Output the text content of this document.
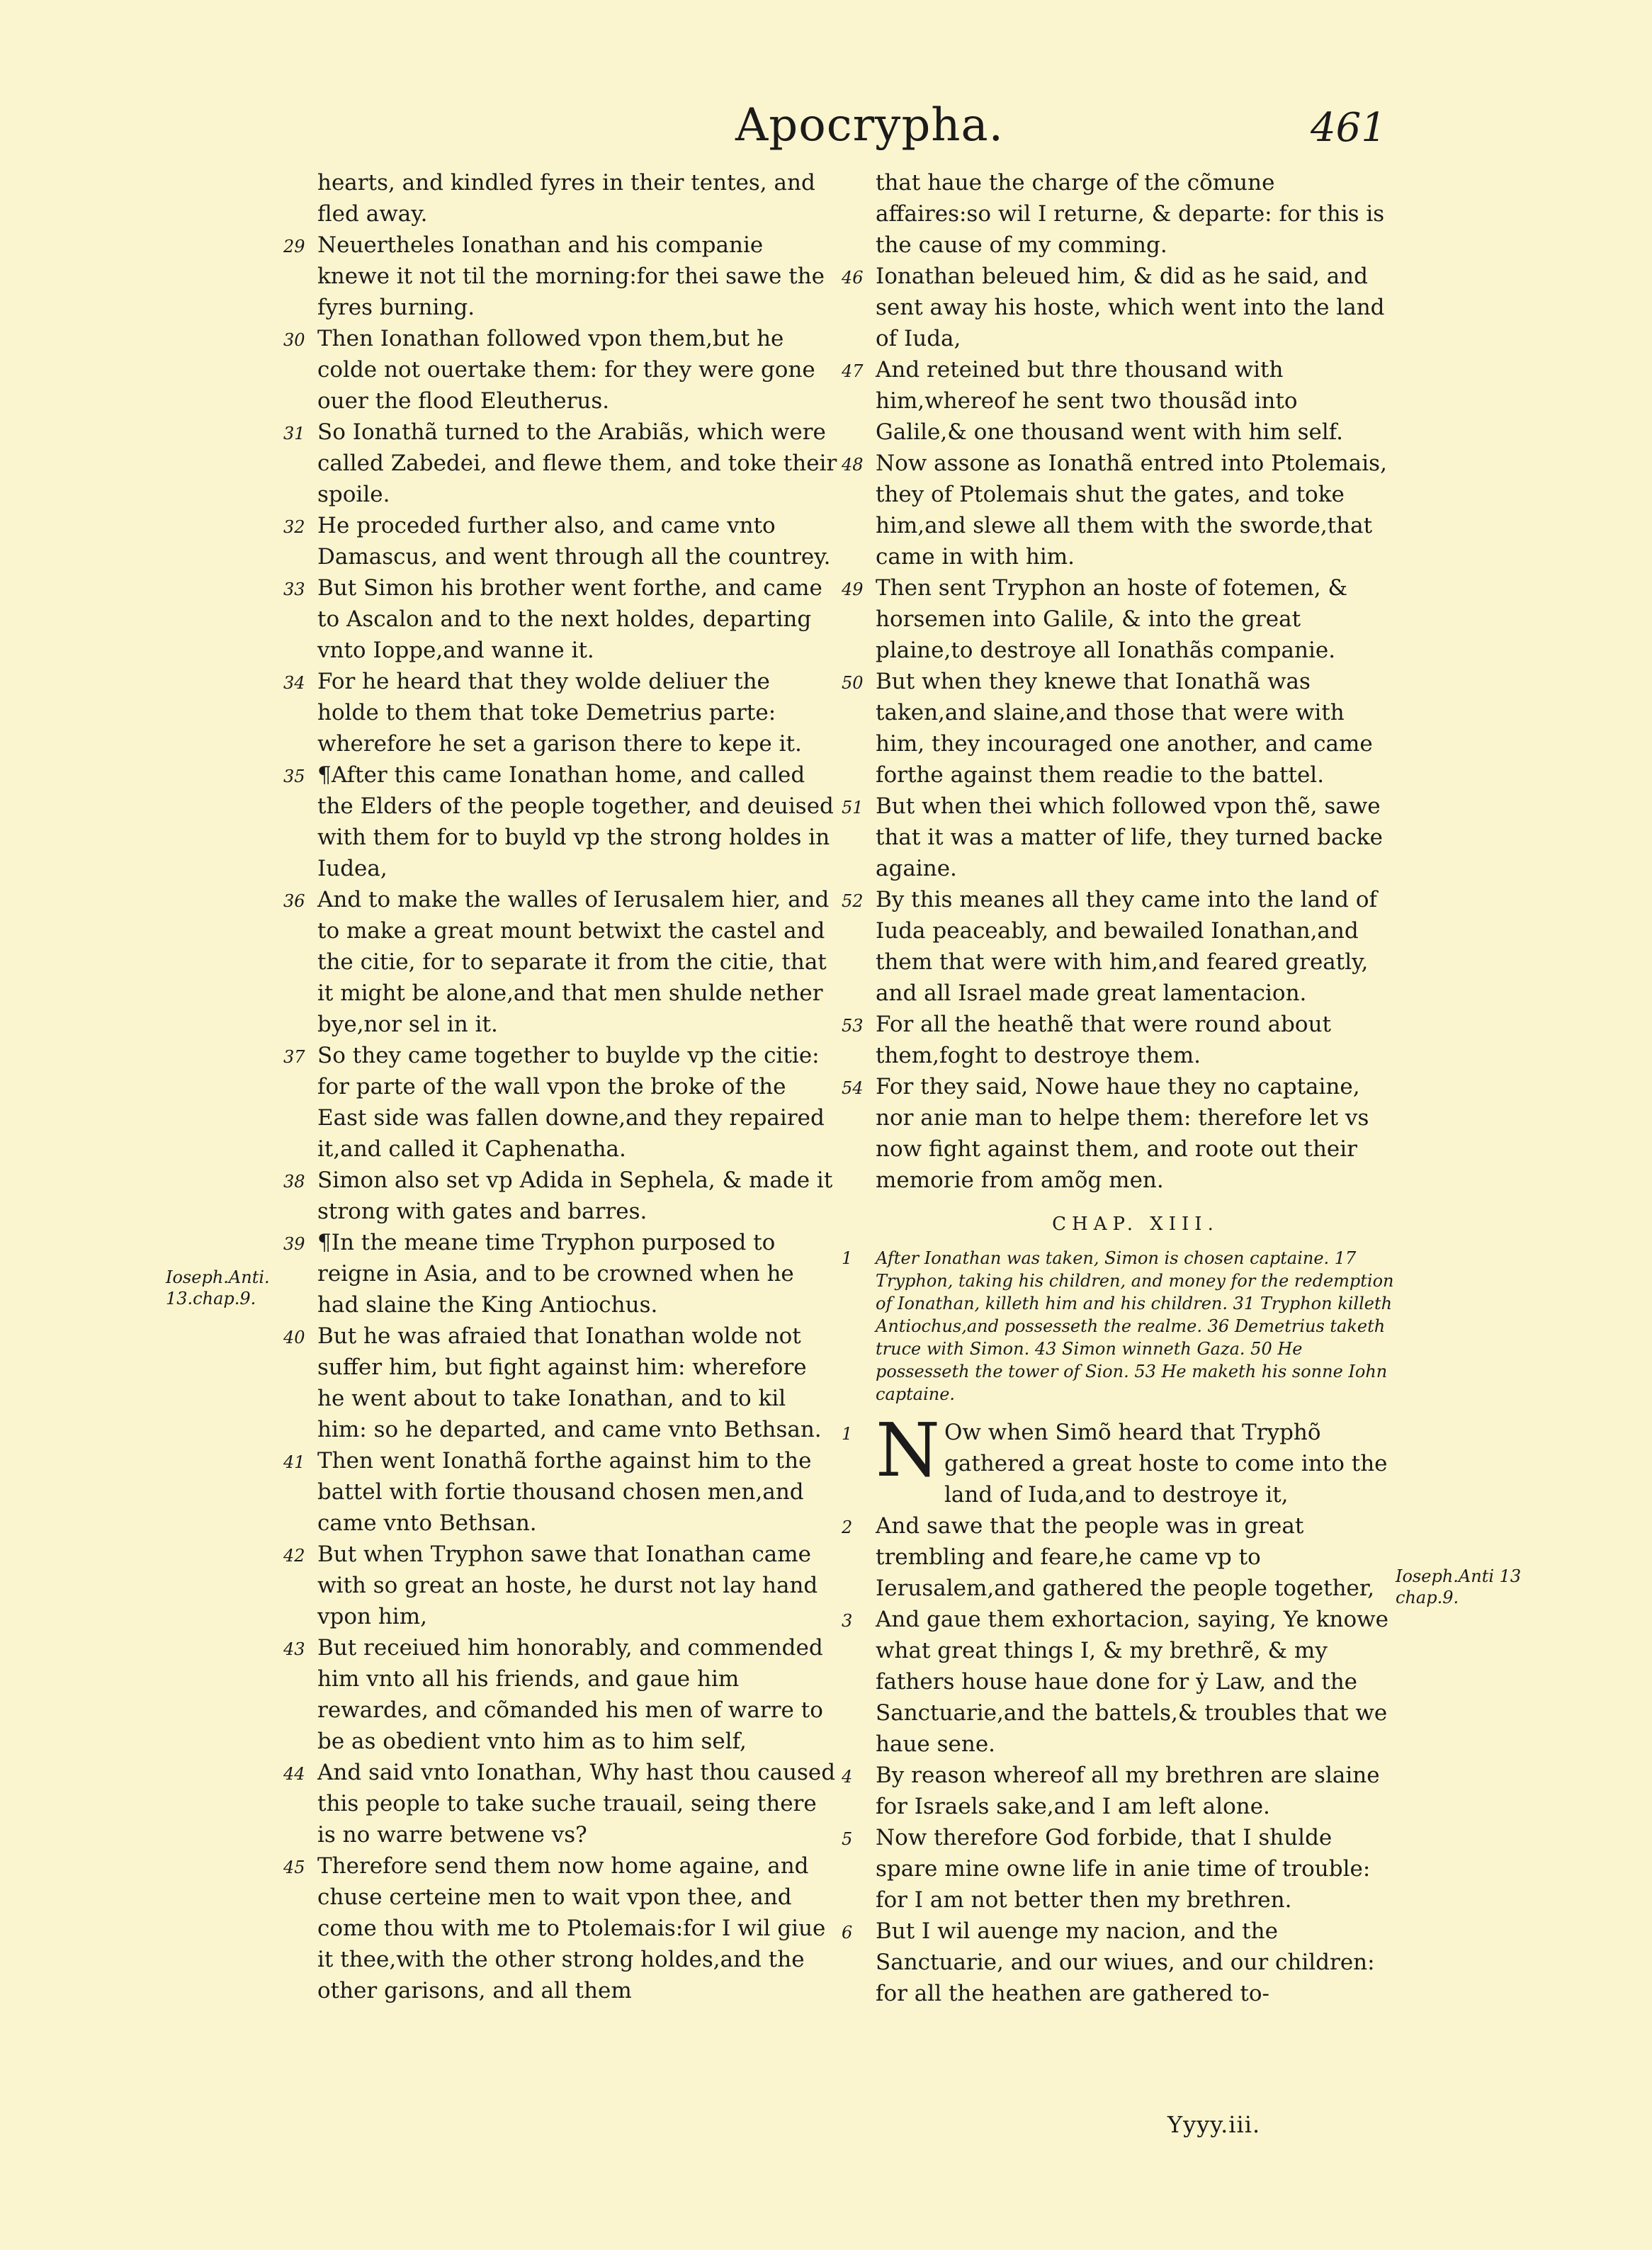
Apocrypha.	461
Ioseph.Anti. 13.chap.9.
Ioseph.Anti 13 chap.9.

hearts, and kindled fyres in their tentes, and fled away.

29 Neuertheles Ionathan and his companie knewe it not til the morning:for thei sawe the fyres burning.
30 Then Ionathan followed vpon them,but he colde not ouertake them: for they were gone ouer the flood Eleutherus.
31 So Ionathã turned to the Arabiãs, which were called Zabedei, and flewe them, and toke their spoile.
32 He proceded further also, and came vnto Damascus, and went through all the countrey.
33 But Simon his brother went forthe, and came to Ascalon and to the next holdes, departing vnto Ioppe,and wanne it.
34 For he heard that they wolde deliuer the holde to them that toke Demetrius parte: wherefore he set a garison there to kepe it.
35 ¶After this came Ionathan home, and called the Elders of the people together, and deuised with them for to buyld vp the strong holdes in Iudea,
36 And to make the walles of Ierusalem hier, and to make a great mount betwixt the castel and the citie, for to separate it from the citie, that it might be alone,and that men shulde nether bye,nor sel in it.
37 So they came together to buylde vp the citie: for parte of the wall vpon the broke of the East side was fallen downe,and they repaired it,and called it Caphenatha.
38 Simon also set vp Adida in Sephela, & made it strong with gates and barres.
39 ¶In the meane time Tryphon purposed to reigne in Asia, and to be crowned when he had slaine the King Antiochus.
40 But he was afraied that Ionathan wolde not suffer him, but fight against him: wherefore he went about to take Ionathan, and to kil him: so he departed, and came vnto Bethsan.
41 Then went Ionathã forthe against him to the battel with fortie thousand chosen men,and came vnto Bethsan.
42 But when Tryphon sawe that Ionathan came with so great an hoste, he durst not lay hand vpon him,
43 But receiued him honorably, and commended him vnto all his friends, and gaue him rewardes, and cõmanded his men of warre to be as obedient vnto him as to him self,
44 And said vnto Ionathan, Why hast thou caused this people to take suche trauail, seing there is no warre betwene vs?
45 Therefore send them now home againe, and chuse certeine men to wait vpon thee, and come thou with me to Ptolemais:for I wil giue it thee,with the other strong holdes,and the other garisons, and all them

that haue the charge of the cõmune affaires:so wil I returne, & departe: for this is the cause of my comming.

46 Ionathan beleued him, & did as he said, and sent away his hoste, which went into the land of Iuda,
47 And reteined but thre thousand with him,whereof he sent two thousãd into Galile,& one thousand went with him self.
48 Now assone as Ionathã entred into Ptolemais, they of Ptolemais shut the gates, and toke him,and slewe all them with the sworde,that came in with him.
49 Then sent Tryphon an hoste of fotemen, & horsemen into Galile, & into the great plaine,to destroye all Ionathãs companie.
50 But when they knewe that Ionathã was taken,and slaine,and those that were with him, they incouraged one another, and came forthe against them readie to the battel.
51 But when thei which followed vpon thẽ, sawe that it was a matter of life, they turned backe againe.
52 By this meanes all they came into the land of Iuda peaceably, and bewailed Ionathan,and them that were with him,and feared greatly, and all Israel made great lamentacion.
53 For all the heathẽ that were round about them,foght to destroye them.
54 For they said, Nowe haue they no captaine, nor anie man to helpe them: therefore let vs now fight against them, and roote out their memorie from amõg men.
CHAP. XIII.
1 After Ionathan was taken, Simon is chosen captaine. 17 Tryphon, taking his children, and money for the redemption of Ionathan, killeth him and his children. 31 Tryphon killeth Antiochus,and possesseth the realme. 36 Demetrius taketh truce with Simon. 43 Simon winneth Gaza. 50 He possesseth the tower of Sion. 53 He maketh his sonne Iohn captaine.
1 N Ow when Simõ heard that Tryphõ gathered a great hoste to come into the land of Iuda,and to destroye it,
2 And sawe that the people was in great trembling and feare,he came vp to Ierusalem,and gathered the people together,
3 And gaue them exhortacion, saying, Ye knowe what great things I, & my brethrẽ, & my fathers house haue done for ẏ Law, and the Sanctuarie,and the battels,& troubles that we haue sene.
4 By reason whereof all my brethren are slaine for Israels sake,and I am left alone.
5 Now therefore God forbide, that I shulde spare mine owne life in anie time of trouble: for I am not better then my brethren.
6 But I wil auenge my nacion, and the Sanctuarie, and our wiues, and our children: for all the heathen are gathered to-
Yyyy.iii.
